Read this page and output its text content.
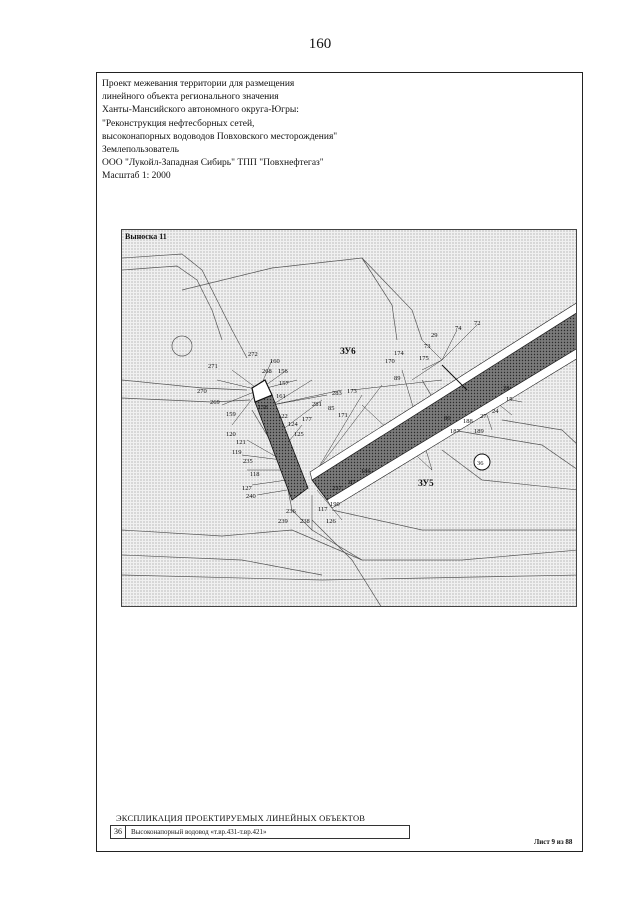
160
Проект межевания территории для размещения
линейного объекта регионального значения
Ханты-Мансийского автономного округа-Югры:
"Реконструкция нефтесборных сетей,
высоконапорных водоводов Повховского месторождения"
Землепользователь
ООО "Лукойл-Западная Сибирь" ТПП "Повхнефтегаз"
Масштаб 1: 2000
ЗУ6
ЗУ5
36
29
74
72
73
174
170	175
89
28
15
24
27
86 188
187 189
173
283
85
171
281
272
160
271
268 156
157
270
161
269
158
159	122
124
177
120	125
121
119
235
118
127
240
186
237
87
236
239 238
117
190
126
Выноска 11
ЭКСПЛИКАЦИЯ ПРОЕКТИРУЕМЫХ ЛИНЕЙНЫХ ОБЪЕКТОВ
36	Высоконапорный водовод «т.вр.431-т.вр.421»
Лист 9 из 88
